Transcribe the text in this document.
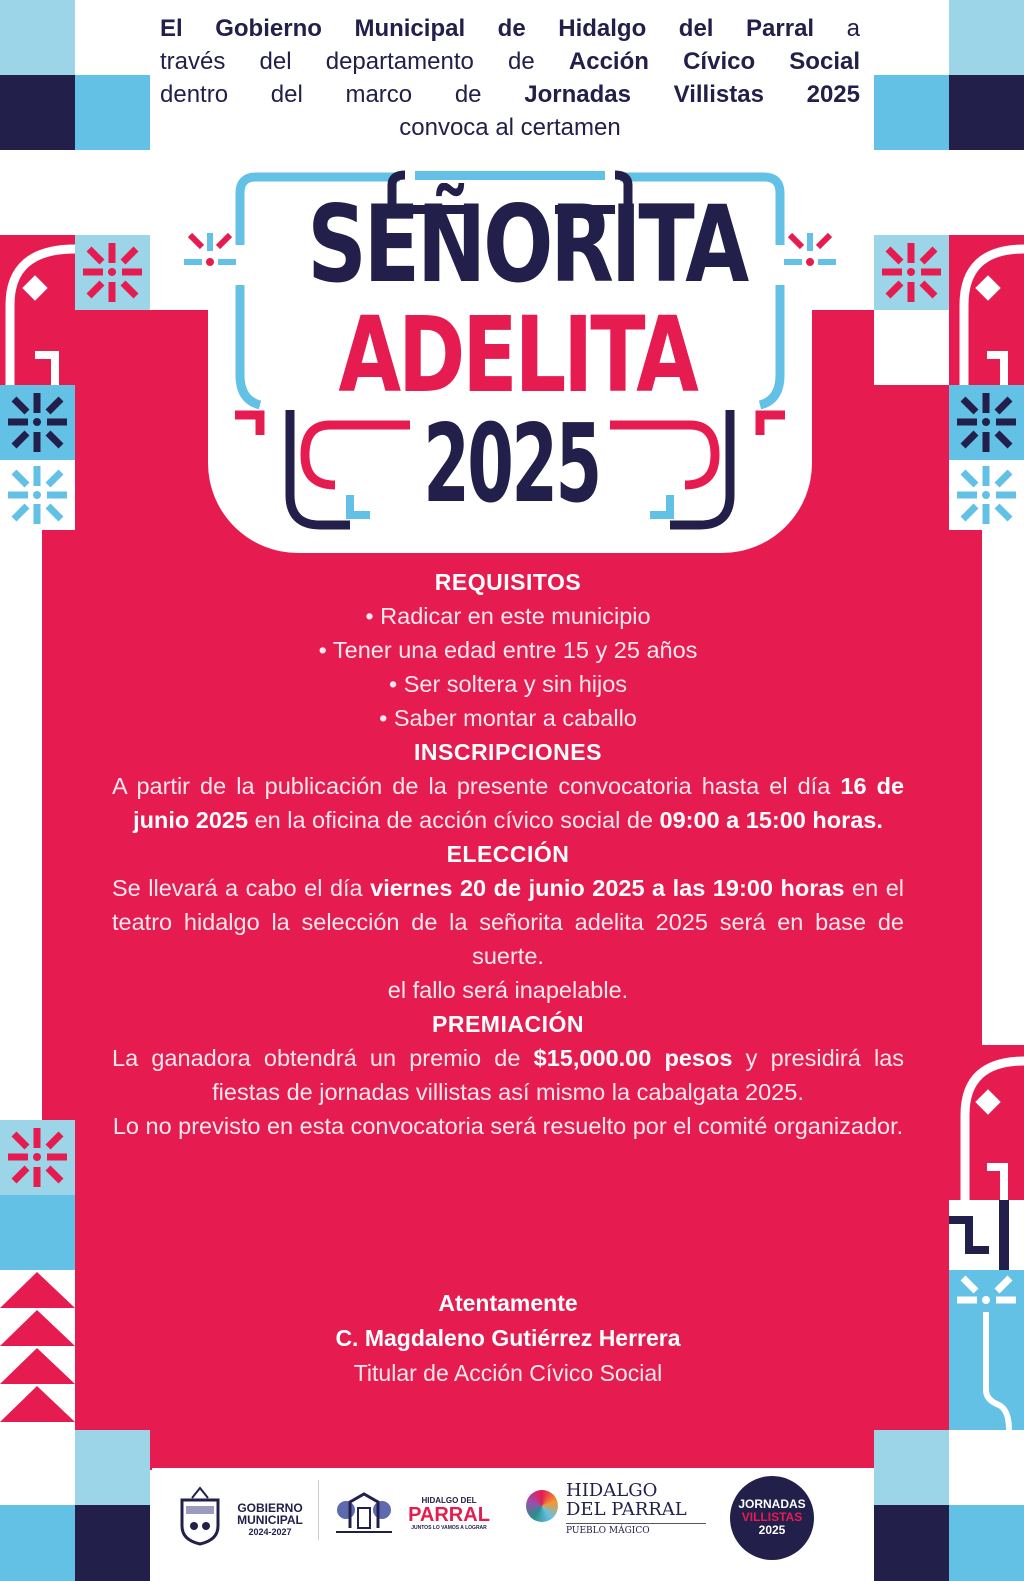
El Gobierno Municipal de Hidalgo del Parral a

través del departamento de Acción Cívico Social

dentro del marco de Jornadas Villistas 2025

convoca al certamen

SEÑORITA
ADELITA
2025
REQUISITOS

• Radicar en este municipio

• Tener una edad entre 15 y 25 años

• Ser soltera y sin hijos

• Saber montar a caballo

INSCRIPCIONES

A partir de la publicación de la presente convocatoria hasta el día 16 de junio 2025 en la oficina de acción cívico social de 09:00 a 15:00 horas.

ELECCIÓN

Se llevará a cabo el día viernes 20 de junio 2025 a las 19:00 horas en el teatro hidalgo la selección de la señorita adelita 2025 será en base de suerte.

el fallo será inapelable.

PREMIACIÓN

La ganadora obtendrá un premio de $15,000.00 pesos y presidirá las fiestas de jornadas villistas así mismo la cabalgata 2025.

Lo no previsto en esta convocatoria será resuelto por el comité organizador.

Atentamente
C. Magdaleno Gutiérrez Herrera
Titular de Acción Cívico Social
GOBIERNO
MUNICIPAL
2024-2027
HIDALGO DEL
PARRAL
JUNTOS LO VAMOS A LOGRAR
HIDALGO
DEL PARRAL
PUEBLO MÁGICO
JORNADAS
VILLISTAS
2025
